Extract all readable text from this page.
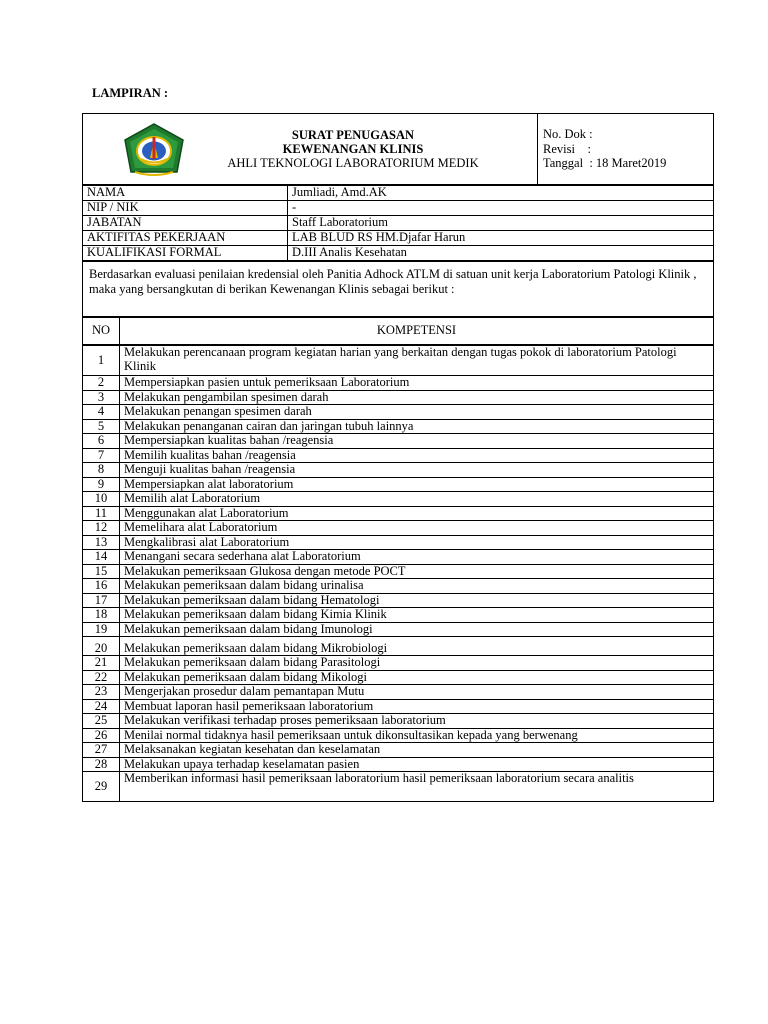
LAMPIRAN :
SURAT PENUGASAN
KEWENANGAN KLINIS
AHLI TEKNOLOGI LABORATORIUM MEDIK
No. Dok :
Revisi    :
Tanggal  : 18 Maret2019
NAMA	Jumliadi, Amd.AK
NIP / NIK	-
JABATAN	Staff Laboratorium
AKTIFITAS PEKERJAAN	LAB BLUD RS HM.Djafar Harun
KUALIFIKASI FORMAL	D.III Analis Kesehatan
Berdasarkan evaluasi penilaian kredensial oleh Panitia Adhock ATLM di satuan unit kerja Laboratorium Patologi Klinik , maka yang bersangkutan di berikan Kewenangan Klinis sebagai berikut :
NO	KOMPETENSI
1	Melakukan perencanaan program kegiatan harian yang berkaitan dengan tugas pokok di laboratorium Patologi Klinik
2	Mempersiapkan pasien untuk pemeriksaan Laboratorium
3	Melakukan pengambilan spesimen darah
4	Melakukan penangan spesimen darah
5	Melakukan penanganan cairan dan jaringan tubuh lainnya
6	Mempersiapkan kualitas bahan /reagensia
7	Memilih kualitas bahan /reagensia
8	Menguji kualitas bahan /reagensia
9	Mempersiapkan alat laboratorium
10	Memilih alat Laboratorium
11	Menggunakan alat Laboratorium
12	Memelihara alat Laboratorium
13	Mengkalibrasi alat Laboratorium
14	Menangani secara sederhana alat Laboratorium
15	Melakukan pemeriksaan Glukosa dengan metode POCT
16	Melakukan pemeriksaan dalam bidang urinalisa
17	Melakukan pemeriksaan dalam bidang Hematologi
18	Melakukan pemeriksaan dalam bidang Kimia Klinik
19	Melakukan pemeriksaan dalam bidang Imunologi
20	Melakukan pemeriksaan dalam bidang Mikrobiologi
21	Melakukan pemeriksaan dalam bidang Parasitologi
22	Melakukan pemeriksaan dalam bidang Mikologi
23	Mengerjakan prosedur dalam pemantapan Mutu
24	Membuat laporan hasil pemeriksaan laboratorium
25	Melakukan verifikasi terhadap proses pemeriksaan laboratorium
26	Menilai normal tidaknya hasil pemeriksaan untuk dikonsultasikan kepada yang berwenang
27	Melaksanakan kegiatan kesehatan dan keselamatan
28	Melakukan upaya terhadap keselamatan pasien
29	Memberikan informasi hasil pemeriksaan laboratorium hasil pemeriksaan laboratorium secara analitis
